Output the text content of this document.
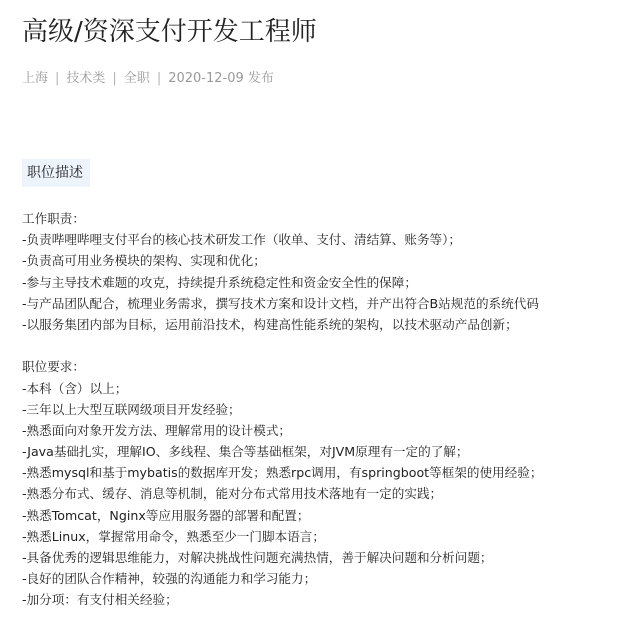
高级/资深支付开发工程师
上海 | 技术类 | 全职 | 2020-12-09 发布
职位描述
工作职责：
-负责哔哩哔哩支付平台的核心技术研发工作（收单、支付、清结算、账务等）；
-负责高可用业务模块的架构、实现和优化；
-参与主导技术难题的攻克，持续提升系统稳定性和资金安全性的保障；
-与产品团队配合，梳理业务需求，撰写技术方案和设计文档，并产出符合B站规范的系统代码
-以服务集团内部为目标，运用前沿技术，构建高性能系统的架构，以技术驱动产品创新；
职位要求：
-本科（含）以上；
-三年以上大型互联网级项目开发经验；
-熟悉面向对象开发方法、理解常用的设计模式；
-Java基础扎实，理解IO、多线程、集合等基础框架，对JVM原理有一定的了解；
-熟悉mysql和基于mybatis的数据库开发；熟悉rpc调用，有springboot等框架的使用经验；
-熟悉分布式、缓存、消息等机制，能对分布式常用技术落地有一定的实践；
-熟悉Tomcat，Nginx等应用服务器的部署和配置；
-熟悉Linux，掌握常用命令，熟悉至少一门脚本语言；
-具备优秀的逻辑思维能力，对解决挑战性问题充满热情，善于解决问题和分析问题；
-良好的团队合作精神，较强的沟通能力和学习能力；
-加分项：有支付相关经验；
